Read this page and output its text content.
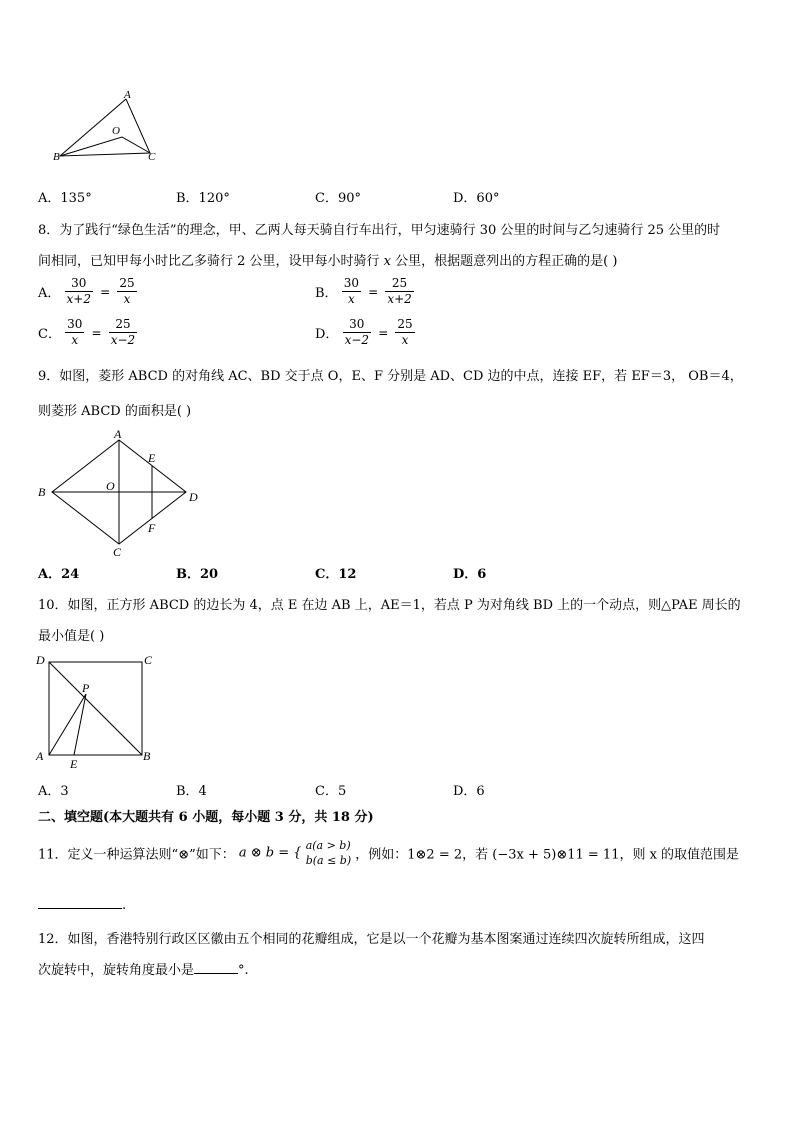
A
O
B	C
A．135°	B．120°	C．90°	D．60°
8．为了践行“绿色生活”的理念，甲、乙两人每天骑自行车出行，甲匀速骑行 30 公里的时间与乙匀速骑行 25 公里的时
间相同，已知甲每小时比乙多骑行 2 公里，设甲每小时骑行 x 公里，根据题意列出的方程正确的是( )
A． $\frac{30}{x+2} = \frac{25}{x}$	B． $\frac{30}{x} = \frac{25}{x+2}$
C． $\frac{30}{x} = \frac{25}{x-2}$	D． $\frac{30}{x-2} = \frac{25}{x}$
9．如图，菱形 ABCD 的对角线 AC、BD 交于点 O，E、F 分别是 AD、CD 边的中点，连接 EF，若 EF＝3， OB＝4，
则菱形 ABCD 的面积是( )
A
B
C
D
O
E
F
A．24	B．20	C．12	D．6
10．如图，正方形 ABCD 的边长为 4，点 E 在边 AB 上，AE＝1，若点 P 为对角线 BD 上的一个动点，则△PAE 周长的
最小值是( )
D	C
P
A	B
E
A．3	B．4	C．5	D．6
二、填空题(本大题共有 6 小题，每小题 3 分，共 18 分)
11．定义一种运算法则“⊗”如下： a ⊗ b = { a(a > b)
b(a ≤ b) ，例如：1⊗2 = 2，若 (−3x + 5)⊗11 = 11，则 x 的取值范围是
.
12．如图，香港特别行政区区徽由五个相同的花瓣组成，它是以一个花瓣为基本图案通过连续四次旋转所组成，这四
次旋转中，旋转角度最小是	°.
